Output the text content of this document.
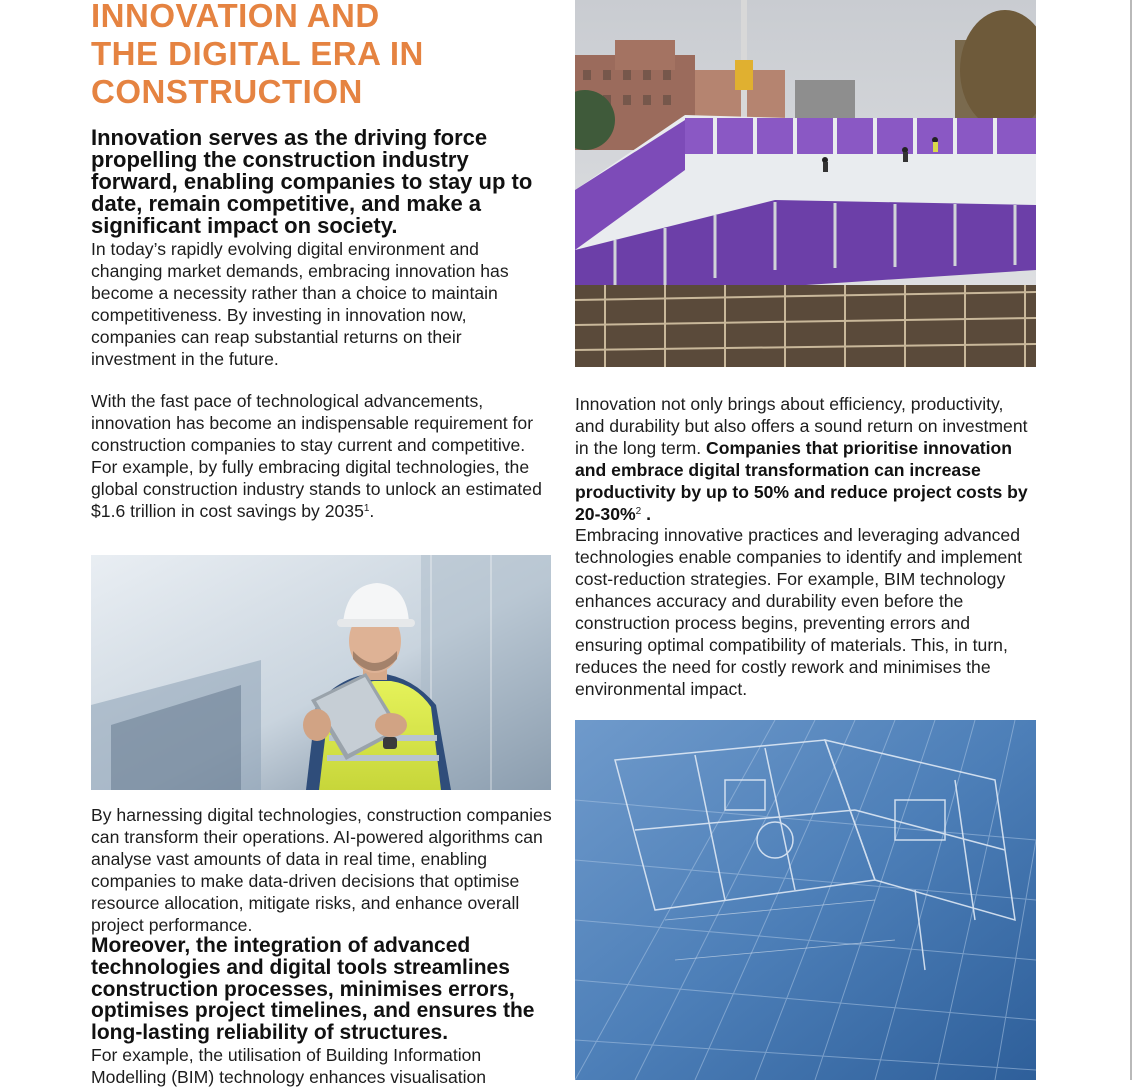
INNOVATION AND
THE DIGITAL ERA IN
CONSTRUCTION

Innovation serves as the driving force propelling the construction industry forward, enabling companies to stay up to date, remain competitive, and make a significant impact on society.

In today’s rapidly evolving digital environment and changing market demands, embracing innovation has become a necessity rather than a choice to maintain competitiveness. By investing in innovation now, companies can reap substantial returns on their investment in the future.

With the fast pace of technological advancements, innovation has become an indispensable requirement for construction companies to stay current and competitive. For example, by fully embracing digital technologies, the global construction industry stands to unlock an estimated $1.6 trillion in cost savings by 2035$^1$.

By harnessing digital technologies, construction companies can transform their operations. AI-powered algorithms can analyse vast amounts of data in real time, enabling companies to make data-driven decisions that optimise resource allocation, mitigate risks, and enhance overall project performance.

Moreover, the integration of advanced technologies and digital tools streamlines construction processes, minimises errors, optimises project timelines, and ensures the long-lasting reliability of structures.

For example, the utilisation of Building Information Modelling (BIM) technology enhances visualisation

Innovation not only brings about efficiency, productivity, and durability but also offers a sound return on investment in the long term. Companies that prioritise innovation and embrace digital transformation can increase productivity by up to 50% and reduce project costs by 20-30%$^2$ .
Embracing innovative practices and leveraging advanced technologies enable companies to identify and implement cost-reduction strategies. For example, BIM technology enhances accuracy and durability even before the construction process begins, preventing errors and ensuring optimal compatibility of materials. This, in turn, reduces the need for costly rework and minimises the environmental impact.
